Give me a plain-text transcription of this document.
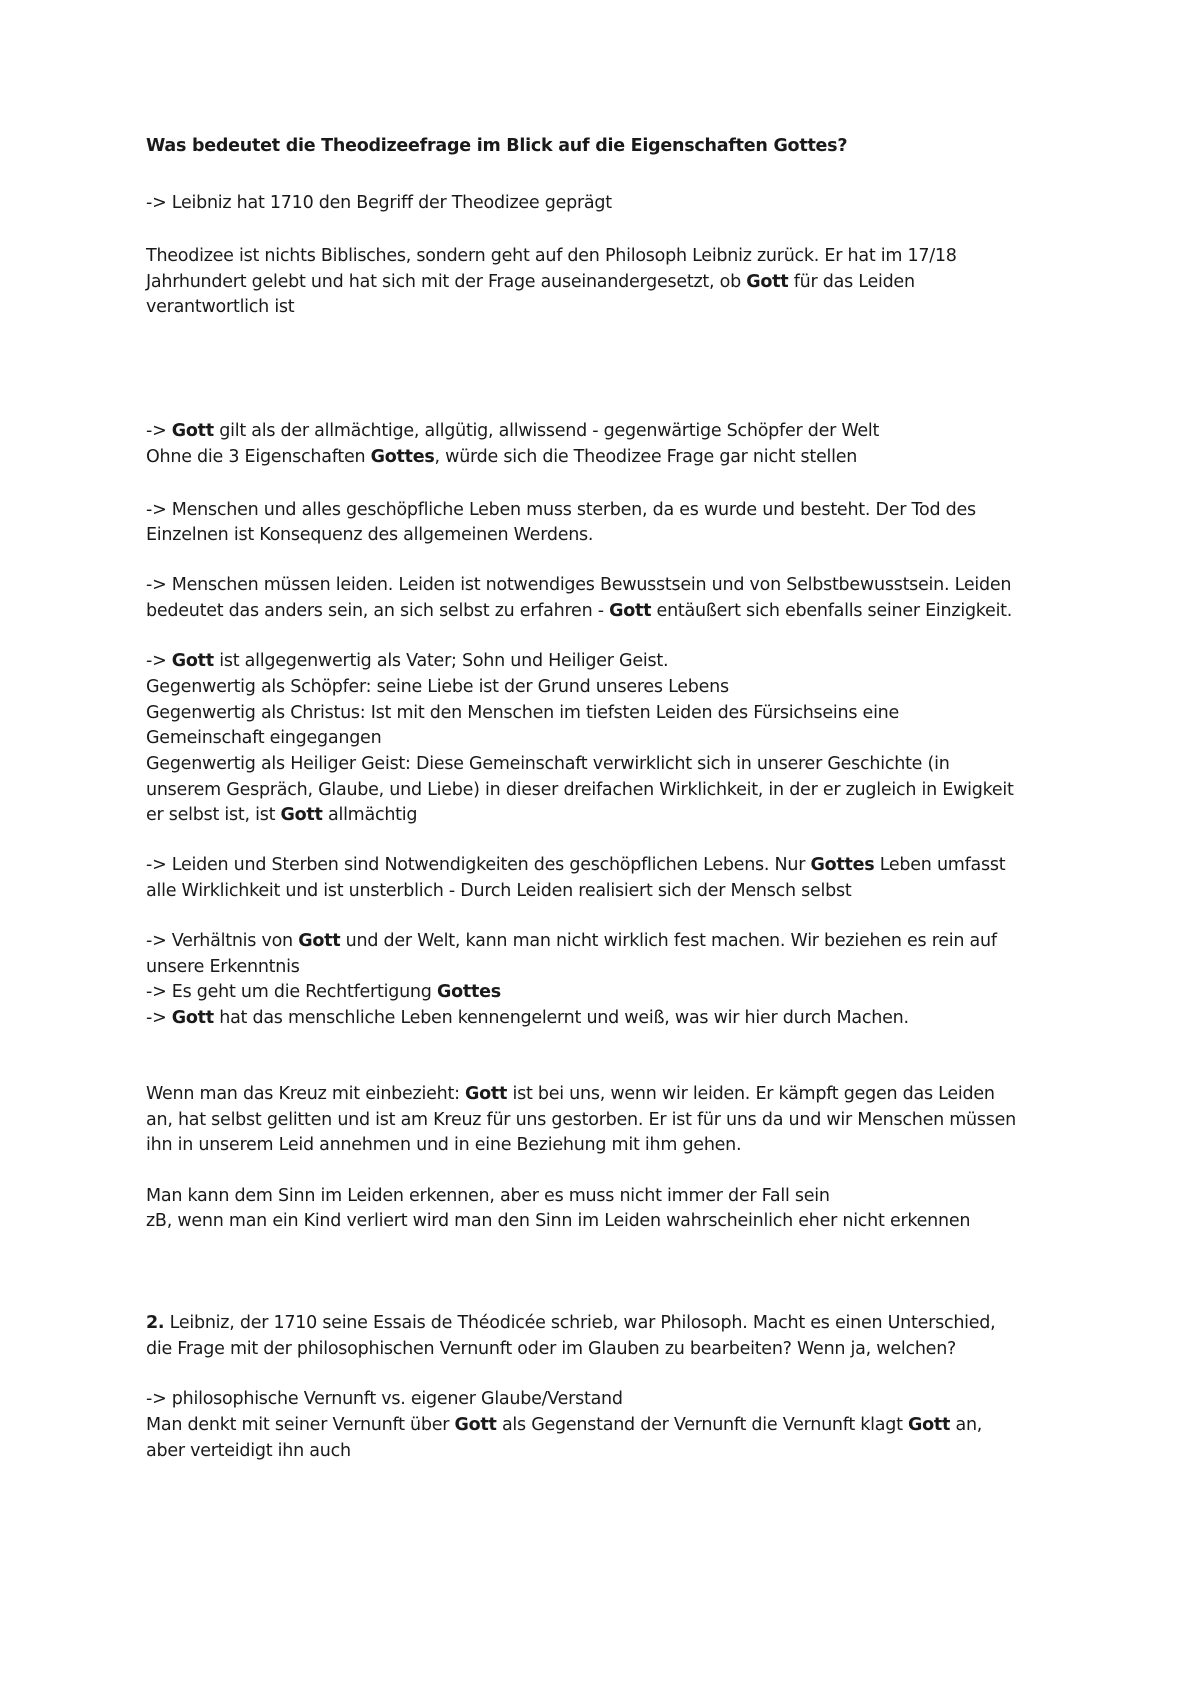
Was bedeutet die Theodizeefrage im Blick auf die Eigenschaften Gottes?
-> Leibniz hat 1710 den Begriff der Theodizee geprägt
Theodizee ist nichts Biblisches, sondern geht auf den Philosoph Leibniz zurück. Er hat im 17/18
Jahrhundert gelebt und hat sich mit der Frage auseinandergesetzt, ob Gott für das Leiden
verantwortlich ist
-> Gott gilt als der allmächtige, allgütig, allwissend - gegenwärtige Schöpfer der Welt
Ohne die 3 Eigenschaften Gottes, würde sich die Theodizee Frage gar nicht stellen
-> Menschen und alles geschöpfliche Leben muss sterben, da es wurde und besteht. Der Tod des
Einzelnen ist Konsequenz des allgemeinen Werdens.
-> Menschen müssen leiden. Leiden ist notwendiges Bewusstsein und von Selbstbewusstsein. Leiden
bedeutet das anders sein, an sich selbst zu erfahren - Gott entäußert sich ebenfalls seiner Einzigkeit.
-> Gott ist allgegenwertig als Vater; Sohn und Heiliger Geist.
Gegenwertig als Schöpfer: seine Liebe ist der Grund unseres Lebens
Gegenwertig als Christus: Ist mit den Menschen im tiefsten Leiden des Fürsichseins eine
Gemeinschaft eingegangen
Gegenwertig als Heiliger Geist: Diese Gemeinschaft verwirklicht sich in unserer Geschichte (in
unserem Gespräch, Glaube, und Liebe) in dieser dreifachen Wirklichkeit, in der er zugleich in Ewigkeit
er selbst ist, ist Gott allmächtig
-> Leiden und Sterben sind Notwendigkeiten des geschöpflichen Lebens. Nur Gottes Leben umfasst
alle Wirklichkeit und ist unsterblich - Durch Leiden realisiert sich der Mensch selbst
-> Verhältnis von Gott und der Welt, kann man nicht wirklich fest machen. Wir beziehen es rein auf
unsere Erkenntnis
-> Es geht um die Rechtfertigung Gottes
-> Gott hat das menschliche Leben kennengelernt und weiß, was wir hier durch Machen.
Wenn man das Kreuz mit einbezieht: Gott ist bei uns, wenn wir leiden. Er kämpft gegen das Leiden
an, hat selbst gelitten und ist am Kreuz für uns gestorben. Er ist für uns da und wir Menschen müssen
ihn in unserem Leid annehmen und in eine Beziehung mit ihm gehen.
Man kann dem Sinn im Leiden erkennen, aber es muss nicht immer der Fall sein
zB, wenn man ein Kind verliert wird man den Sinn im Leiden wahrscheinlich eher nicht erkennen
2. Leibniz, der 1710 seine Essais de Théodicée schrieb, war Philosoph. Macht es einen Unterschied,
die Frage mit der philosophischen Vernunft oder im Glauben zu bearbeiten? Wenn ja, welchen?
-> philosophische Vernunft vs. eigener Glaube/Verstand
Man denkt mit seiner Vernunft über Gott als Gegenstand der Vernunft die Vernunft klagt Gott an,
aber verteidigt ihn auch
